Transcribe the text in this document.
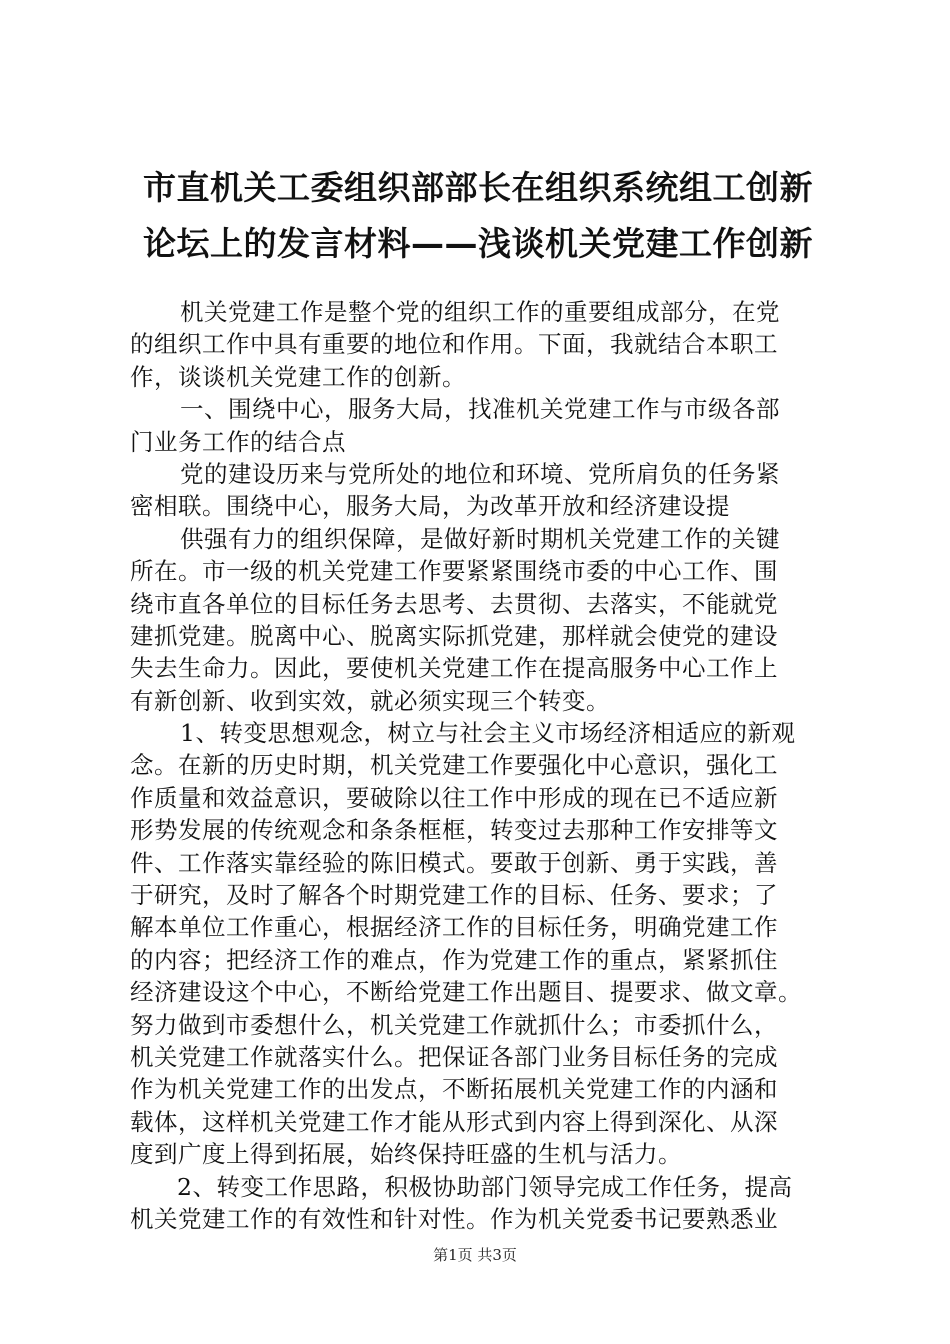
市直机关工委组织部部长在组织系统组工创新
论坛上的发言材料——浅谈机关党建工作创新
机关党建工作是整个党的组织工作的重要组成部分，在党
的组织工作中具有重要的地位和作用。下面，我就结合本职工
作，谈谈机关党建工作的创新。
一、围绕中心，服务大局，找准机关党建工作与市级各部
门业务工作的结合点
党的建设历来与党所处的地位和环境、党所肩负的任务紧
密相联。围绕中心，服务大局，为改革开放和经济建设提
供强有力的组织保障，是做好新时期机关党建工作的关键
所在。市一级的机关党建工作要紧紧围绕市委的中心工作、围
绕市直各单位的目标任务去思考、去贯彻、去落实，不能就党
建抓党建。脱离中心、脱离实际抓党建，那样就会使党的建设
失去生命力。因此，要使机关党建工作在提高服务中心工作上
有新创新、收到实效，就必须实现三个转变。
1、转变思想观念，树立与社会主义市场经济相适应的新观
念。在新的历史时期，机关党建工作要强化中心意识，强化工
作质量和效益意识，要破除以往工作中形成的现在已不适应新
形势发展的传统观念和条条框框，转变过去那种工作安排等文
件、工作落实靠经验的陈旧模式。要敢于创新、勇于实践，善
于研究，及时了解各个时期党建工作的目标、任务、要求；了
解本单位工作重心，根据经济工作的目标任务，明确党建工作
的内容；把经济工作的难点，作为党建工作的重点，紧紧抓住
经济建设这个中心，不断给党建工作出题目、提要求、做文章。
努力做到市委想什么，机关党建工作就抓什么；市委抓什么，
机关党建工作就落实什么。把保证各部门业务目标任务的完成
作为机关党建工作的出发点，不断拓展机关党建工作的内涵和
载体，这样机关党建工作才能从形式到内容上得到深化、从深
度到广度上得到拓展，始终保持旺盛的生机与活力。
2、转变工作思路，积极协助部门领导完成工作任务，提高
机关党建工作的有效性和针对性。作为机关党委书记要熟悉业
第1页 共3页
